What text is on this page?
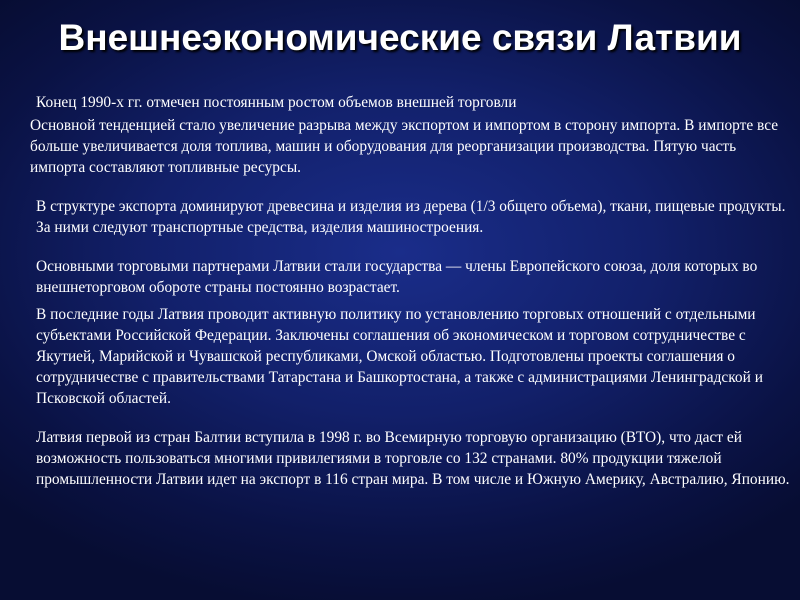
Внешнеэкономические связи Латвии

Конец 1990-х гг. отмечен постоянным ростом объемов внешней торговли

Основной тенденцией стало увеличение разрыва между экспортом и импортом в сторону импорта. В импорте все больше увеличивается доля топлива, машин и оборудования для реорганизации производства. Пятую часть импорта составляют топливные ресурсы.

В структуре экспорта доминируют древесина и изделия из дерева (1/3 общего объема), ткани, пищевые продукты. За ними следуют транспортные средства, изделия машиностроения.

Основными торговыми партнерами Латвии стали государства — члены Европейского союза, доля которых во внешнеторговом обороте страны постоянно возрастает.

В последние годы Латвия проводит активную политику по установлению торговых отношений с отдельными субъектами Российской Федерации. Заключены соглашения об экономическом и торговом сотрудничестве с Якутией, Марийской и Чувашской республиками, Омской областью. Подготовлены проекты соглашения о сотрудничестве с правительствами Татарстана и Башкортостана, а также с администрациями Ленинградской и Псковской областей.

Латвия первой из стран Балтии вступила в 1998 г. во Всемирную торговую организацию (ВТО), что даст ей возможность пользоваться многими привилегиями в торговле со 132 странами. 80% продукции тяжелой промышленности Латвии идет на экспорт в 116 стран мира. В том числе и Южную Америку, Австралию, Японию.
